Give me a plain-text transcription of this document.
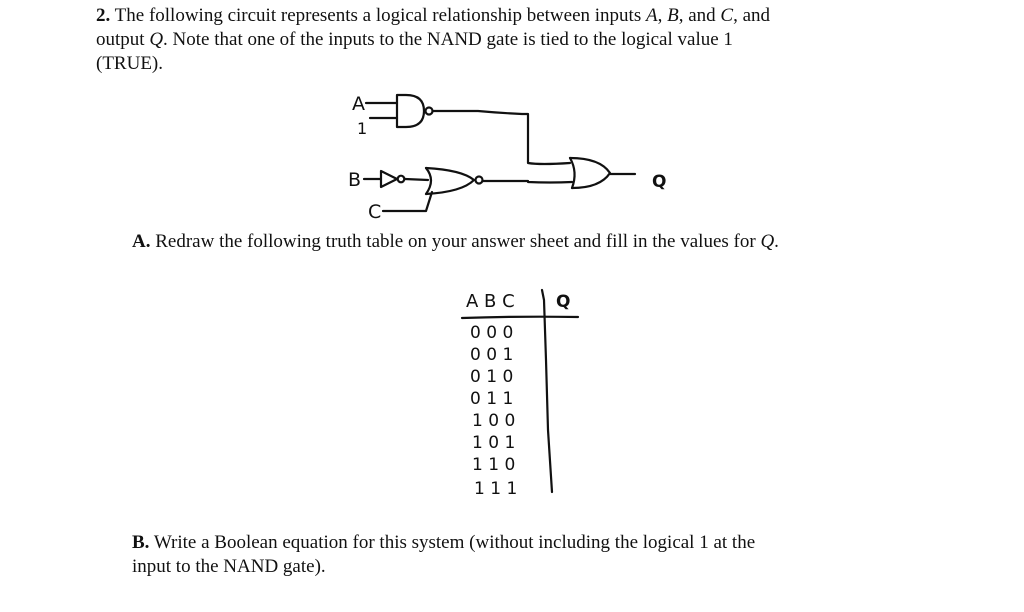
2. The following circuit represents a logical relationship between inputs A, B, and C, and
output Q. Note that one of the inputs to the NAND gate is tied to the logical value 1
(TRUE).

A
1
B
C
Q
A B C Q
0 0 0
0 0 1
0 1 0
0 1 1
1 0 0
1 0 1
1 1 0
1 1 1

A. Redraw the following truth table on your answer sheet and fill in the values for Q.

B. Write a Boolean equation for this system (without including the logical 1 at the
input to the NAND gate).
